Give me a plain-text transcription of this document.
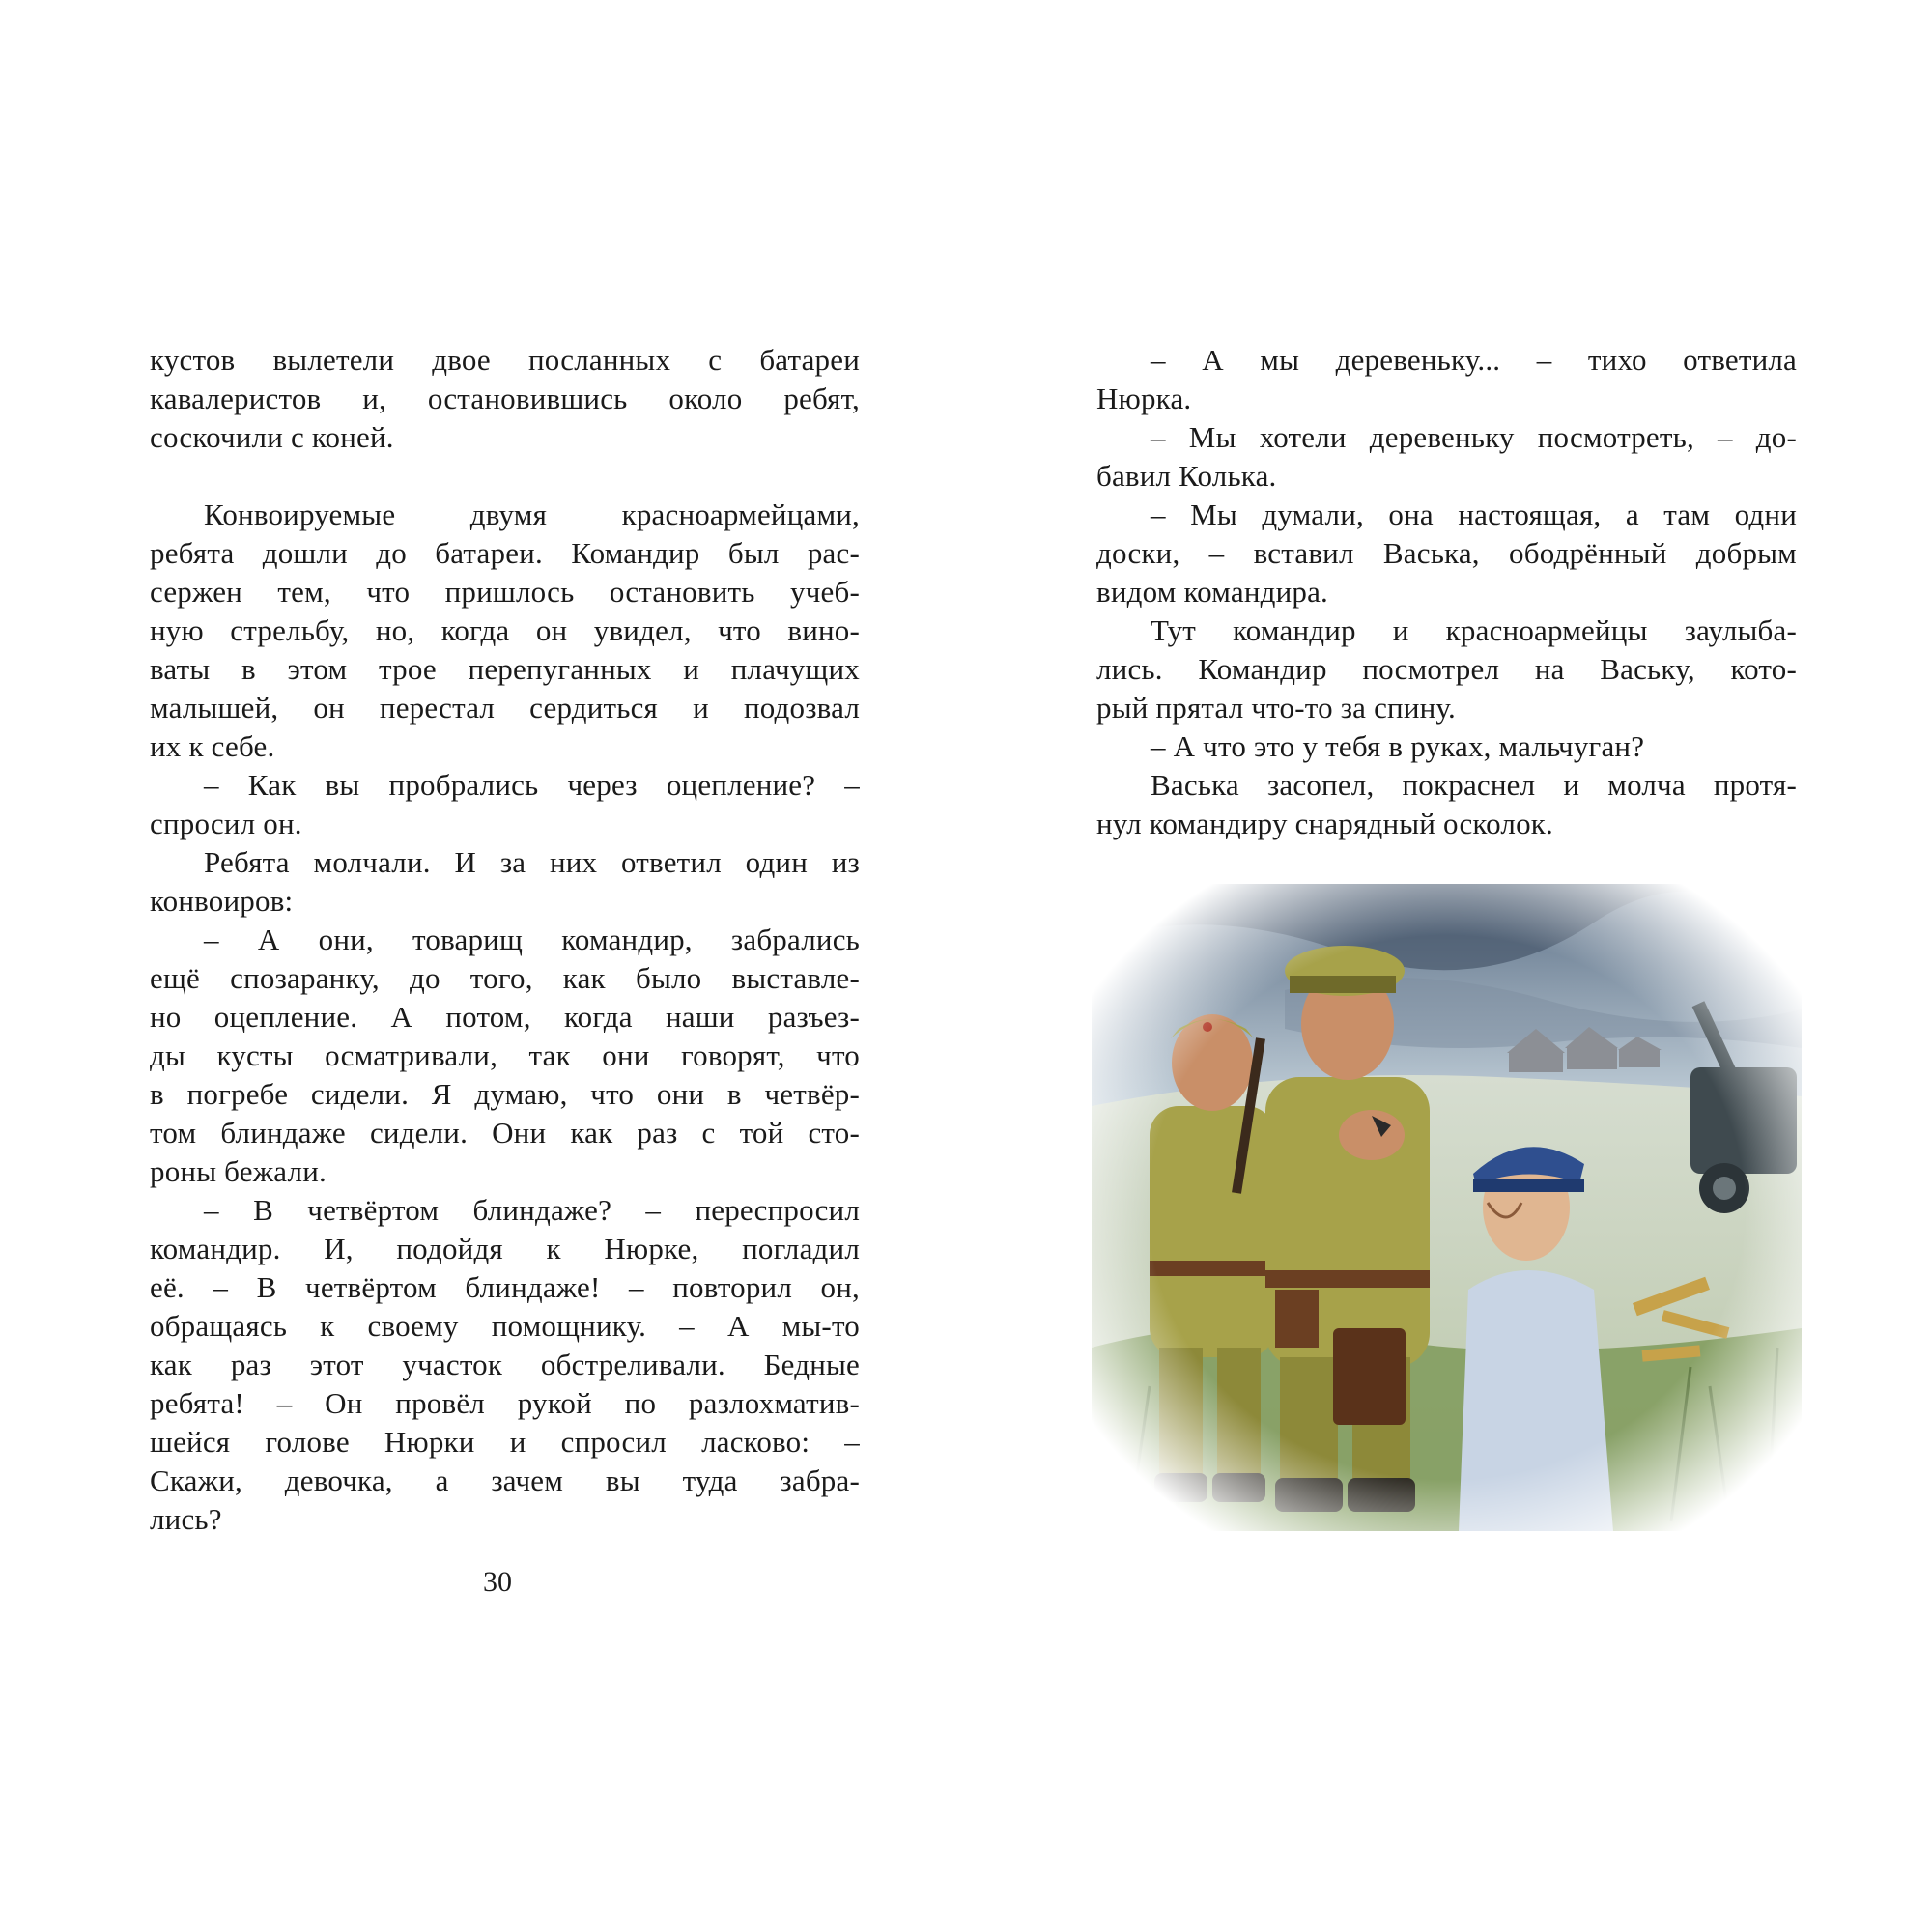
кустов вылетели двое посланных с батареи
кавалеристов и, остановившись около ребят,
соскочили с коней.
Конвоируемые двумя красноармейцами,
ребята дошли до батареи. Командир был рас-
сержен тем, что пришлось остановить учеб-
ную стрельбу, но, когда он увидел, что вино-
ваты в этом трое перепуганных и плачущих
малышей, он перестал сердиться и подозвал
их к себе.
– Как вы пробрались через оцепление? –
спросил он.
Ребята молчали. И за них ответил один из
конвоиров:
– А они, товарищ командир, забрались
ещё спозаранку, до того, как было выставле-
но оцепление. А потом, когда наши разъез-
ды кусты осматривали, так они говорят, что
в погребе сидели. Я думаю, что они в четвёр-
том блиндаже сидели. Они как раз с той сто-
роны бежали.
– В четвёртом блиндаже? – переспросил
командир. И, подойдя к Нюрке, погладил
её. – В четвёртом блиндаже! – повторил он,
обращаясь к своему помощнику. – А мы-то
как раз этот участок обстреливали. Бедные
ребята! – Он провёл рукой по разлохматив-
шейся голове Нюрки и спросил ласково: –
Скажи, девочка, а зачем вы туда забра-
лись?
30
– А мы деревеньку... – тихо ответила
Нюрка.
– Мы хотели деревеньку посмотреть, – до-
бавил Колька.
– Мы думали, она настоящая, а там одни
доски, – вставил Васька, ободрённый добрым
видом командира.
Тут командир и красноармейцы заулыба-
лись. Командир посмотрел на Ваську, кото-
рый прятал что-то за спину.
– А что это у тебя в руках, мальчуган?
Васька засопел, покраснел и молча протя-
нул командиру снарядный осколок.
